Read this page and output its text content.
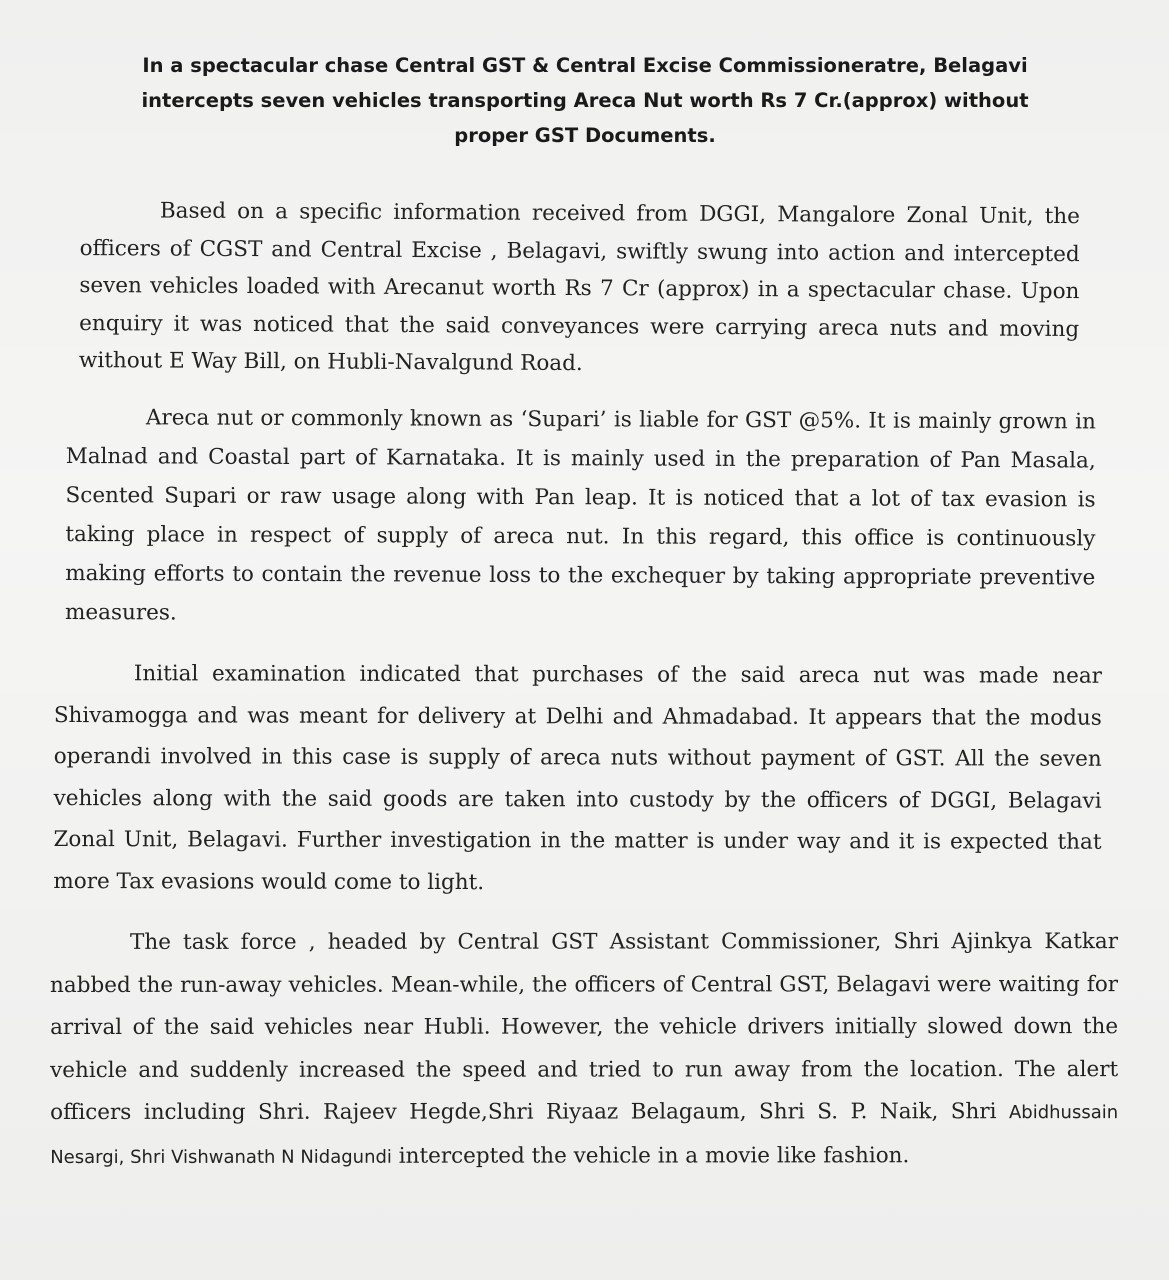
In a spectacular chase Central GST & Central Excise Commissioneratre, Belagavi
intercepts seven vehicles transporting Areca Nut worth Rs 7 Cr.(approx) without
proper GST Documents.

Based on a specific information received from DGGI, Mangalore Zonal Unit, the officers of CGST and Central Excise , Belagavi, swiftly swung into action and intercepted seven vehicles loaded with Arecanut worth Rs 7 Cr (approx) in a spectacular chase. Upon enquiry it was noticed that the said conveyances were carrying areca nuts and moving without E Way Bill, on Hubli-Navalgund Road.

Areca nut or commonly known as ‘Supari’ is liable for GST @5%. It is mainly grown in Malnad and Coastal part of Karnataka. It is mainly used in the preparation of Pan Masala, Scented Supari or raw usage along with Pan leap. It is noticed that a lot of tax evasion is taking place in respect of supply of areca nut. In this regard, this office is continuously making efforts to contain the revenue loss to the exchequer by taking appropriate preventive measures.

Initial examination indicated that purchases of the said areca nut was made near Shivamogga and was meant for delivery at Delhi and Ahmadabad. It appears that the modus operandi involved in this case is supply of areca nuts without payment of GST. All the seven vehicles along with the said goods are taken into custody by the officers of DGGI, Belagavi Zonal Unit, Belagavi. Further investigation in the matter is under way and it is expected that more Tax evasions would come to light.

The task force , headed by Central GST Assistant Commissioner, Shri Ajinkya Katkar nabbed the run-away vehicles. Mean-while, the officers of Central GST, Belagavi were waiting for arrival of the said vehicles near Hubli. However, the vehicle drivers initially slowed down the vehicle and suddenly increased the speed and tried to run away from the location. The alert officers including Shri. Rajeev Hegde,Shri Riyaaz Belagaum, Shri S. P. Naik, Shri Abidhussain Nesargi, Shri Vishwanath N Nidagundi intercepted the vehicle in a movie like fashion.
